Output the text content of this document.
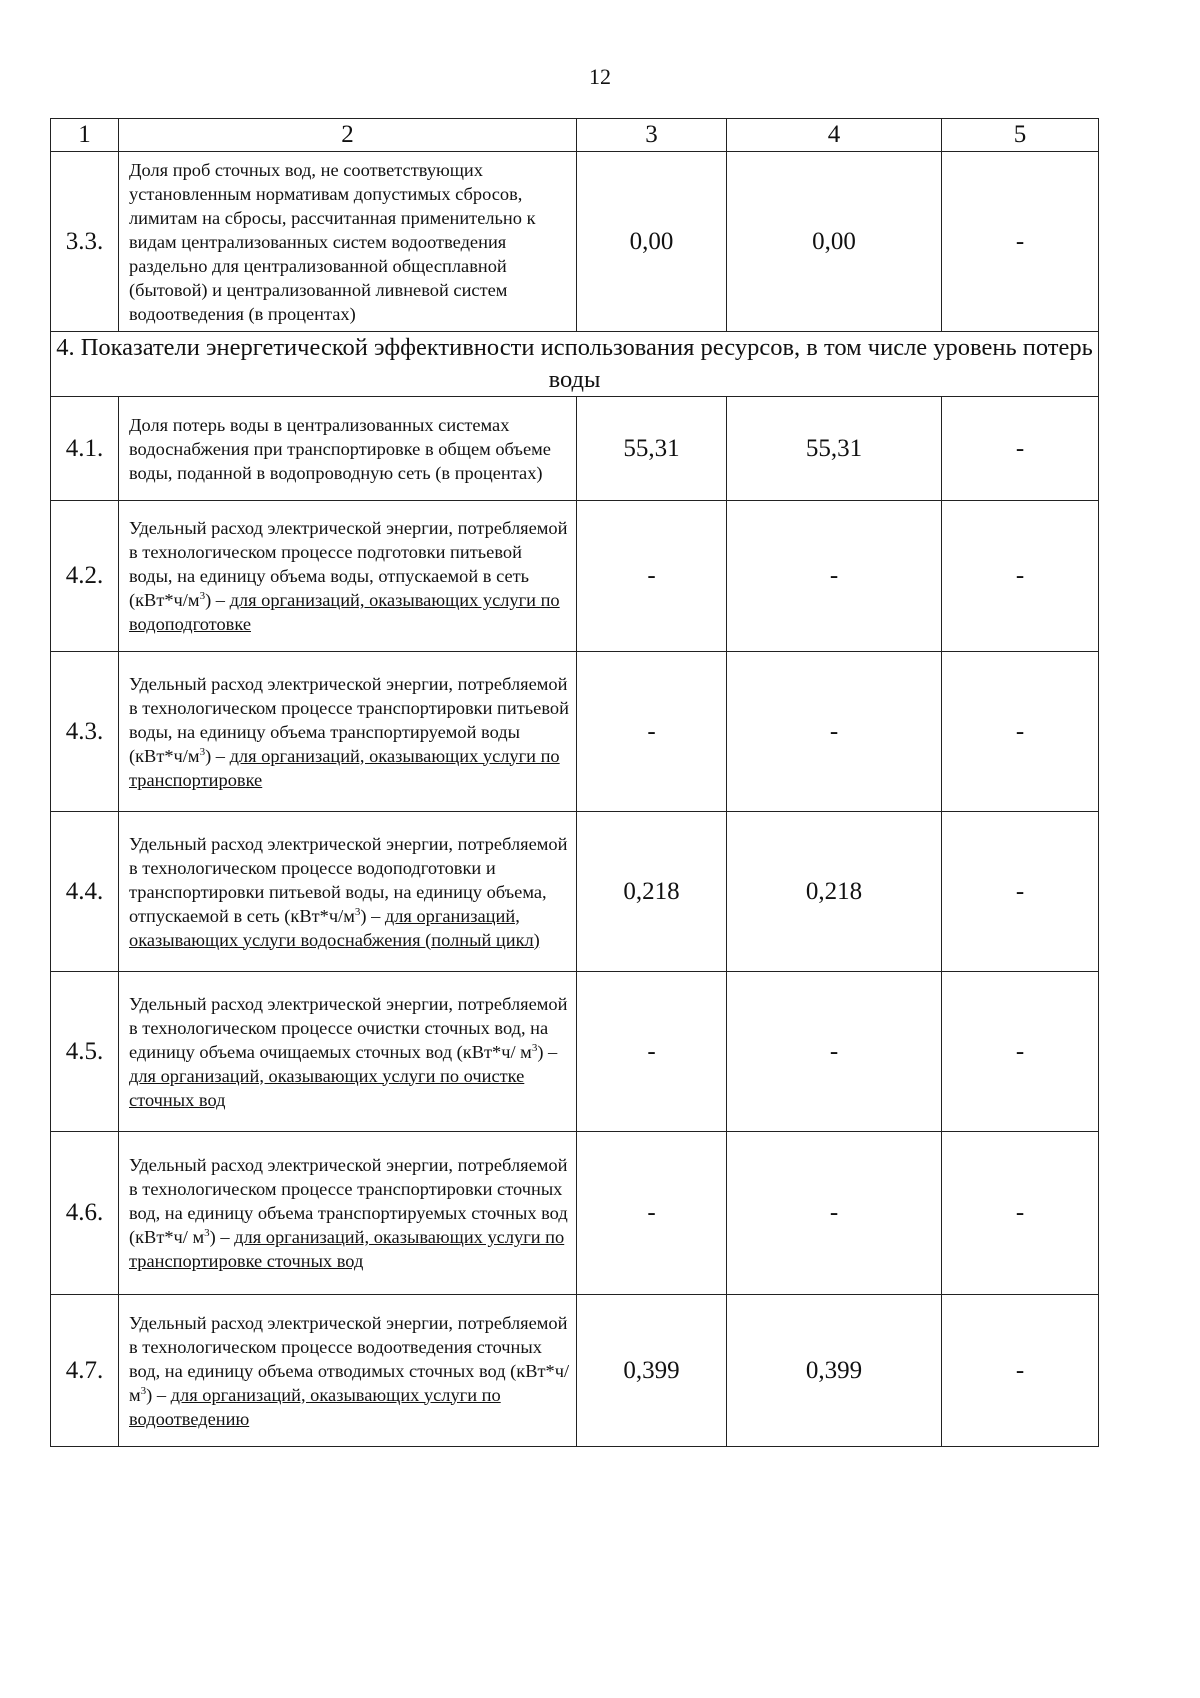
12
1	2	3	4	5
3.3.	Доля проб сточных вод, не соответствующих установленным нормативам допустимых сбросов, лимитам на сбросы, рассчитанная применительно к видам централизованных систем водоотведения раздельно для централизованной общесплавной (бытовой) и централизованной ливневой систем водоотведения (в процентах)	0,00	0,00	-
4. Показатели энергетической эффективности использования ресурсов, в том числе уровень потерь воды				
4.1.	Доля потерь воды в централизованных системах водоснабжения при транспортировке в общем объеме воды, поданной в водопроводную сеть (в процентах)	55,31	55,31	-
4.2.	Удельный расход электрической энергии, потребляемой в технологическом процессе подготовки питьевой воды, на единицу объема воды, отпускаемой в сеть $(кВт*ч/м^3)$ – для организаций, оказывающих услуги по водоподготовке	-	-	-
4.3.	Удельный расход электрической энергии, потребляемой в технологическом процессе транспортировки питьевой воды, на единицу объема транспортируемой воды $(кВт*ч/м^3)$ – для организаций, оказывающих услуги по транспортировке	-	-	-
4.4.	Удельный расход электрической энергии, потребляемой в технологическом процессе водоподготовки и транспортировки питьевой воды, на единицу объема, отпускаемой в сеть $(кВт*ч/м^3)$ – для организаций, оказывающих услуги водоснабжения (полный цикл)	0,218	0,218	-
4.5.	Удельный расход электрической энергии, потребляемой в технологическом процессе очистки сточных вод, на единицу объема очищаемых сточных вод (кВт*ч/ $м^3$) – для организаций, оказывающих услуги по очистке сточных вод	-	-	-
4.6.	Удельный расход электрической энергии, потребляемой в технологическом процессе транспортировки сточных вод, на единицу объема транспортируемых сточных вод (кВт*ч/ $м^3$) – для организаций, оказывающих услуги по транспортировке сточных вод	-	-	-
4.7.	Удельный расход электрической энергии, потребляемой в технологическом процессе водоотведения сточных вод, на единицу объема отводимых сточных вод (кВт*ч/ $м^3$) – для организаций, оказывающих услуги по водоотведению	0,399	0,399	-
